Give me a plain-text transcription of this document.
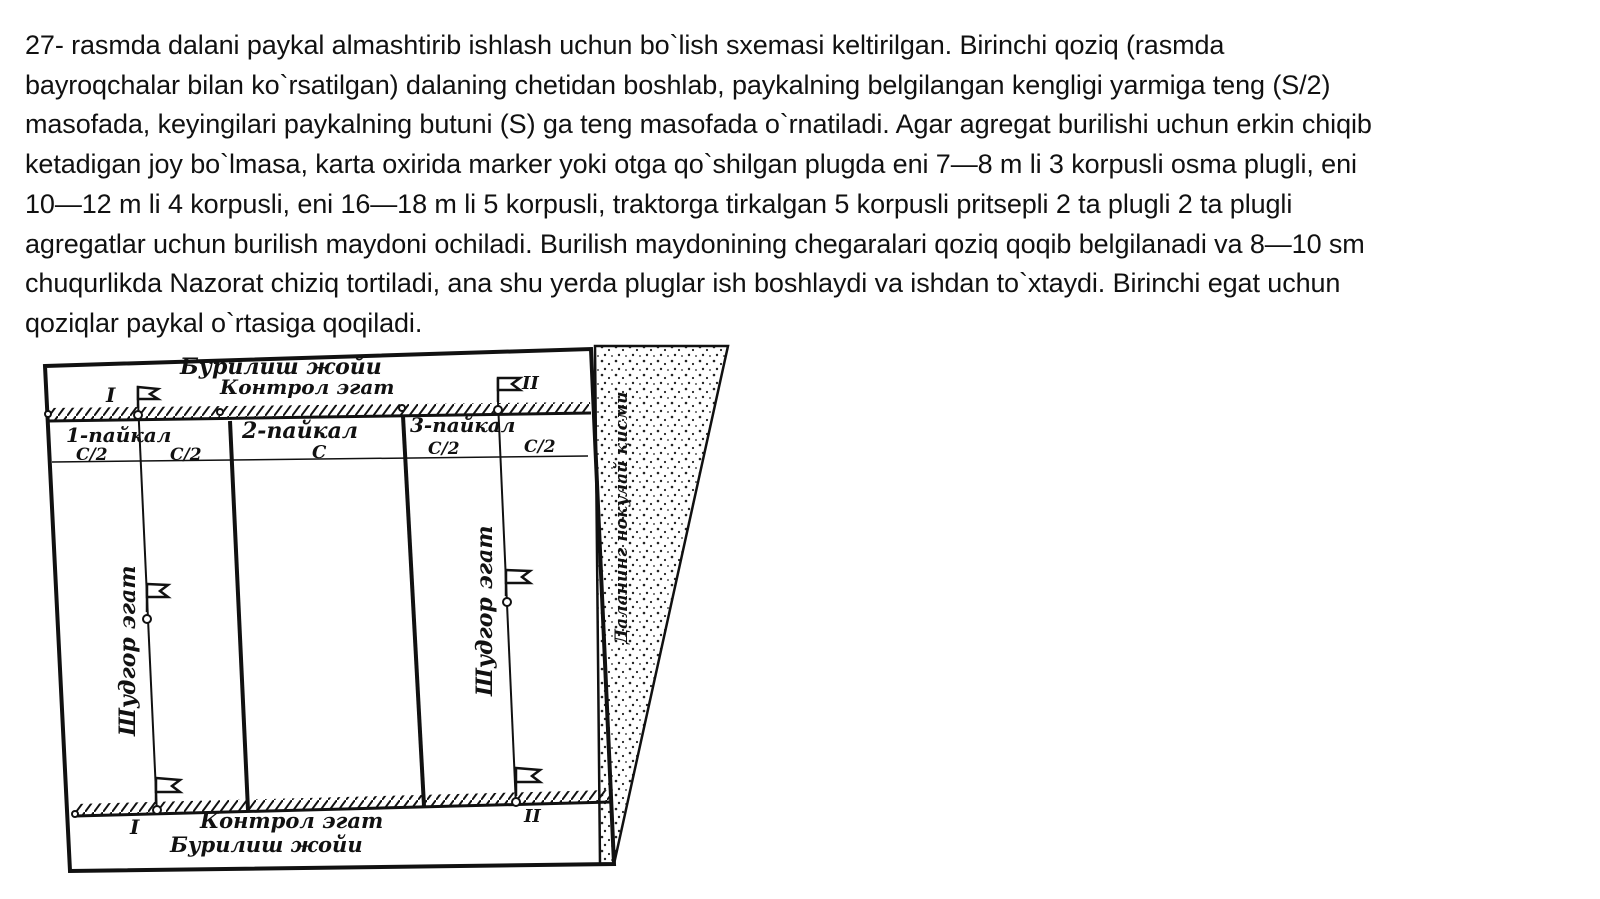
27- rasmda dalani paykal almashtirib ishlash uchun bo`lish sxemasi keltirilgan. Birinchi qoziq (rasmda
bayroqchalar bilan ko`rsatilgan) dalaning chetidan boshlab, paykalning belgilangan kengligi yarmiga teng (S/2)
masofada, keyingilari paykalning butuni (S) ga teng masofada o`rnatiladi. Agar agregat burilishi uchun erkin chiqib
ketadigan joy bo`lmasa, karta oxirida marker yoki otga qo`shilgan plugda eni 7—8 m li 3 korpusli osma plugli, eni
10—12 m li 4 korpusli, eni 16—18 m li 5 korpusli, traktorga tirkalgan 5 korpusli pritsepli 2 ta plugli 2 ta plugli
agregatlar uchun burilish maydoni ochiladi. Burilish maydonining chegaralari qoziq qoqib belgilanadi va 8—10 sm
chuqurlikda Nazorat chiziq tortiladi, ana shu yerda pluglar ish boshlaydi va ishdan to`xtaydi. Birinchi egat uchun
qoziqlar paykal o`rtasiga qoqiladi.
Бурилиш жойи
Контрол эгат
I	II
1-пайкал	2-пайкал	3-пайкал
С/2	С/2	С	С/2	С/2
Шудгор эгат	Шудгор эгат	Даланинг нокулай қисми
I	II
Контрол эгат
Бурилиш жойи
